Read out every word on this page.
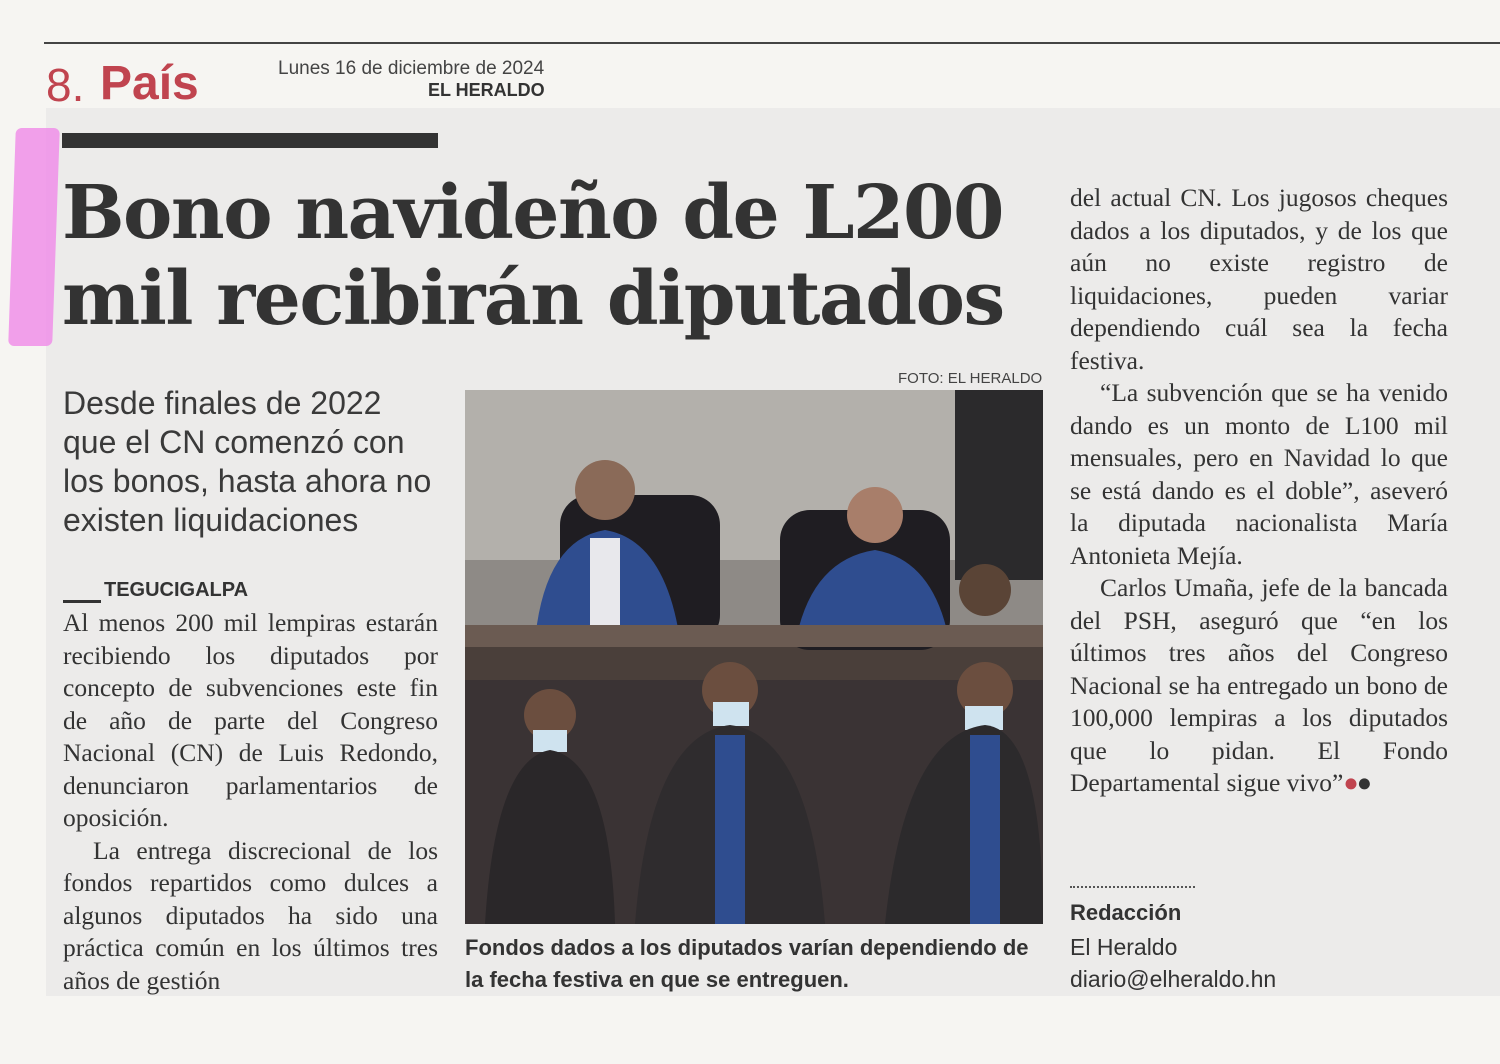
8. País	Lunes 16 de diciembre de 2024
EL HERALDO
Bono navideño de L200 mil recibirán diputados

Desde finales de 2022 que el CN comenzó con los bonos, hasta ahora no existen liquidaciones

TEGUCIGALPA

Al menos 200 mil lempiras estarán recibiendo los diputados por concepto de subvenciones este fin de año de parte del Congreso Nacional (CN) de Luis Redondo, denunciaron parlamentarios de oposición.

La entrega discrecional de los fondos repartidos como dulces a algunos diputados ha sido una práctica común en los últimos tres años de gestión

FOTO: EL HERALDO

Fondos dados a los diputados varían dependiendo de la fecha festiva en que se entreguen.

del actual CN. Los jugosos cheques dados a los diputados, y de los que aún no existe registro de liquidaciones, pueden variar dependiendo cuál sea la fecha festiva.

“La subvención que se ha venido dando es un monto de L100 mil mensuales, pero en Navidad lo que se está dando es el doble”, aseveró la diputada nacionalista María Antonieta Mejía.

Carlos Umaña, jefe de la bancada del PSH, aseguró que “en los últimos tres años del Congreso Nacional se ha entregado un bono de 100,000 lempiras a los diputados que lo pidan. El Fondo Departamental sigue vivo”●●

Redacción
El Heraldo
diario@elheraldo.hn
